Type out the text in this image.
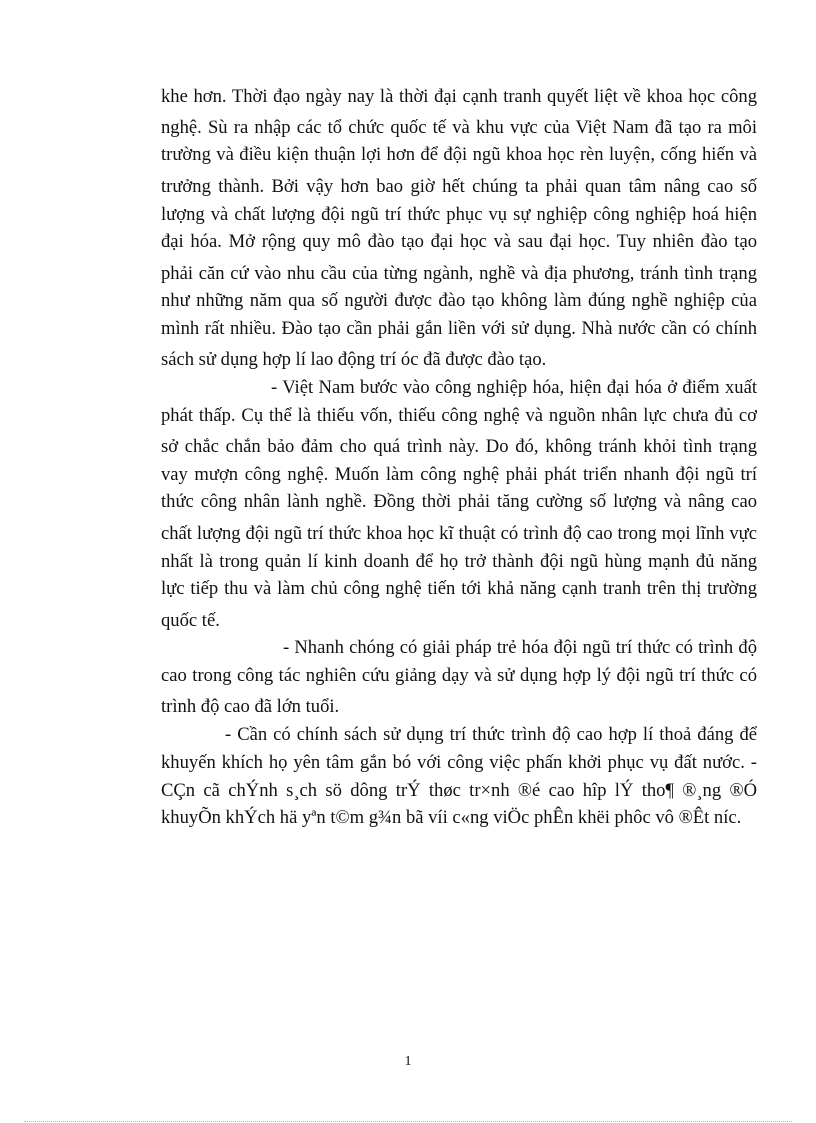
khe hơn. Thời đạo ngày nay là thời đại cạnh tranh quyết liệt về khoa học công
nghệ. Sù ra nhập các tổ chức quốc tế và khu vực của Việt Nam đã tạo ra môi
trường và điều kiện thuận lợi hơn để đội ngũ khoa học rèn luyện, cống hiến và
trưởng thành. Bởi vậy hơn bao giờ hết chúng ta phải quan tâm nâng cao số
lượng và chất lượng đội ngũ trí thức phục vụ sự nghiệp công nghiệp hoá hiện
đại hóa. Mở rộng quy mô đào tạo đại học và sau đại học. Tuy nhiên đào tạo
phải căn cứ vào nhu cầu của từng ngành, nghề và địa phương, tránh tình trạng
như những năm qua số người được đào tạo không làm đúng nghề nghiệp của
mình rất nhiều. Đào tạo cần phải gắn liền với sử dụng. Nhà nước cần có chính
sách sử dụng hợp lí lao động trí óc đã được đào tạo.
- Việt Nam bước vào công nghiệp hóa, hiện đại hóa ở điểm xuất
phát thấp. Cụ thể là thiếu vốn, thiếu công nghệ và nguồn nhân lực chưa đủ cơ
sở chắc chắn bảo đảm cho quá trình này. Do đó, không tránh khỏi tình trạng
vay mượn công nghệ. Muốn làm công nghệ phải phát triển nhanh đội ngũ trí
thức công nhân lành nghề. Đồng thời phải tăng cường số lượng và nâng cao
chất lượng đội ngũ trí thức khoa học kĩ thuật có trình độ cao trong mọi lĩnh vực
nhất là trong quản lí kinh doanh để họ trở thành đội ngũ hùng mạnh đủ năng
lực tiếp thu và làm chủ công nghệ tiến tới khả năng cạnh tranh trên thị trường
quốc tế.
- Nhanh chóng có giải pháp trẻ hóa đội ngũ trí thức có trình độ
cao trong công tác nghiên cứu giảng dạy và sử dụng hợp lý đội ngũ trí thức có
trình độ cao đã lớn tuổi.
- Cần có chính sách sử dụng trí thức trình độ cao hợp lí thoả đáng để
khuyến khích họ yên tâm gắn bó với công việc phấn khởi phục vụ đất nước. -
CÇn cã chÝnh s¸ch sö dông trÝ thøc tr×nh ®é cao hîp lÝ tho¶ ®¸ng ®Ó
khuyÕn khÝch hä yªn t©m g¾n bã víi c«ng viÖc phÊn khëi phôc vô ®Êt níc.
1
